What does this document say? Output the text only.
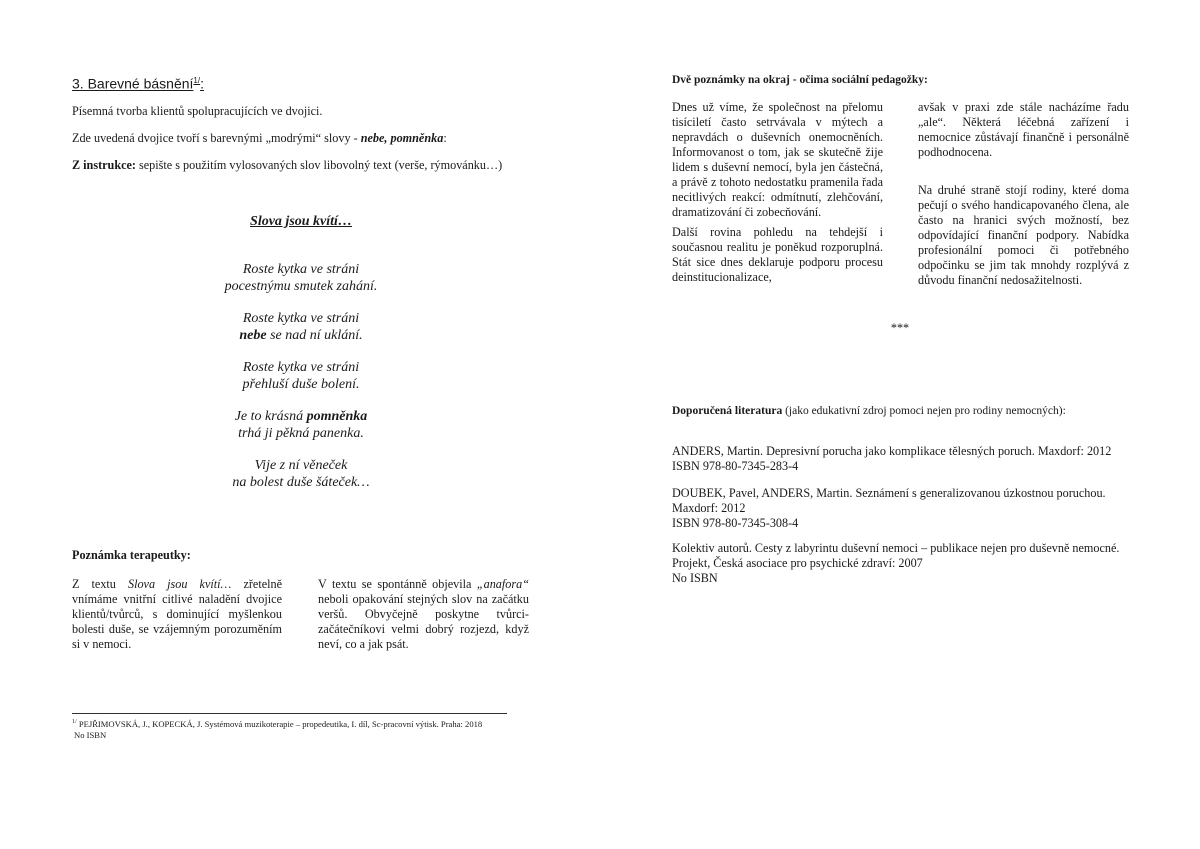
3. Barevné básnění$^{1/}$:

Písemná tvorba klientů spolupracujících ve dvojici.

Zde uvedená dvojice tvoří s barevnými „modrými“ slovy - nebe, pomněnka:

Z instrukce: sepište s použitím vylosovaných slov libovolný text (verše, rýmovánku…)

Slova jsou kvítí…

Roste kytka ve stráni

pocestnýmu smutek zahání.

Roste kytka ve stráni

nebe se nad ní uklání.

Roste kytka ve stráni

přehluší duše bolení.

Je to krásná pomněnka

trhá ji pěkná panenka.

Vije z ní věneček

na bolest duše šáteček…

Poznámka terapeutky:

Z textu Slova jsou kvítí… zřetelně vnímáme vnitřní citlivé naladění dvojice klientů/tvůrců, s dominující myšlenkou bolesti duše, se vzájemným porozuměním si v nemoci.

V textu se spontánně objevila „anafora“ neboli opakování stejných slov na začátku veršů. Obvyčejně poskytne tvůrci-začátečníkovi velmi dobrý rozjezd, když neví, co a jak psát.

$^{1/}$ PEJŘIMOVSKÁ, J., KOPECKÁ, J. Systémová muzikoterapie – propedeutika, I. díl, Sc-pracovní výtisk. Praha: 2018

No ISBN

Dvě poznámky na okraj - očima sociální pedagožky:

Dnes už víme, že společnost na přelomu tisíciletí často setrvávala v mýtech a nepravdách o duševních onemocněních. Informovanost o tom, jak se skutečně žije lidem s duševní nemocí, byla jen částečná, a právě z tohoto nedostatku pramenila řada necitlivých reakcí: odmítnutí, zlehčování, dramatizování či zobecňování.

Další rovina pohledu na tehdejší i současnou realitu je poněkud rozporuplná. Stát sice dnes deklaruje podporu procesu deinstitucionalizace,

avšak v praxi zde stále nacházíme řadu „ale“. Některá léčebná zařízení i nemocnice zůstávají finančně i personálně podhodnocena.

Na druhé straně stojí rodiny, které doma pečují o svého handicapovaného člena, ale často na hranici svých možností, bez odpovídající finanční podpory. Nabídka profesionální pomoci či potřebného odpočinku se jim tak mnohdy rozplývá z důvodu finanční nedosažitelnosti.

***

Doporučená literatura (jako edukativní zdroj pomoci nejen pro rodiny nemocných):

ANDERS, Martin. Depresivní porucha jako komplikace tělesných poruch. Maxdorf: 2012

ISBN 978-80-7345-283-4

DOUBEK, Pavel, ANDERS, Martin. Seznámení s generalizovanou úzkostnou poruchou.

Maxdorf: 2012

ISBN 978-80-7345-308-4

Kolektiv autorů. Cesty z labyrintu duševní nemoci – publikace nejen pro duševně nemocné.

Projekt, Česká asociace pro psychické zdraví: 2007

No ISBN
